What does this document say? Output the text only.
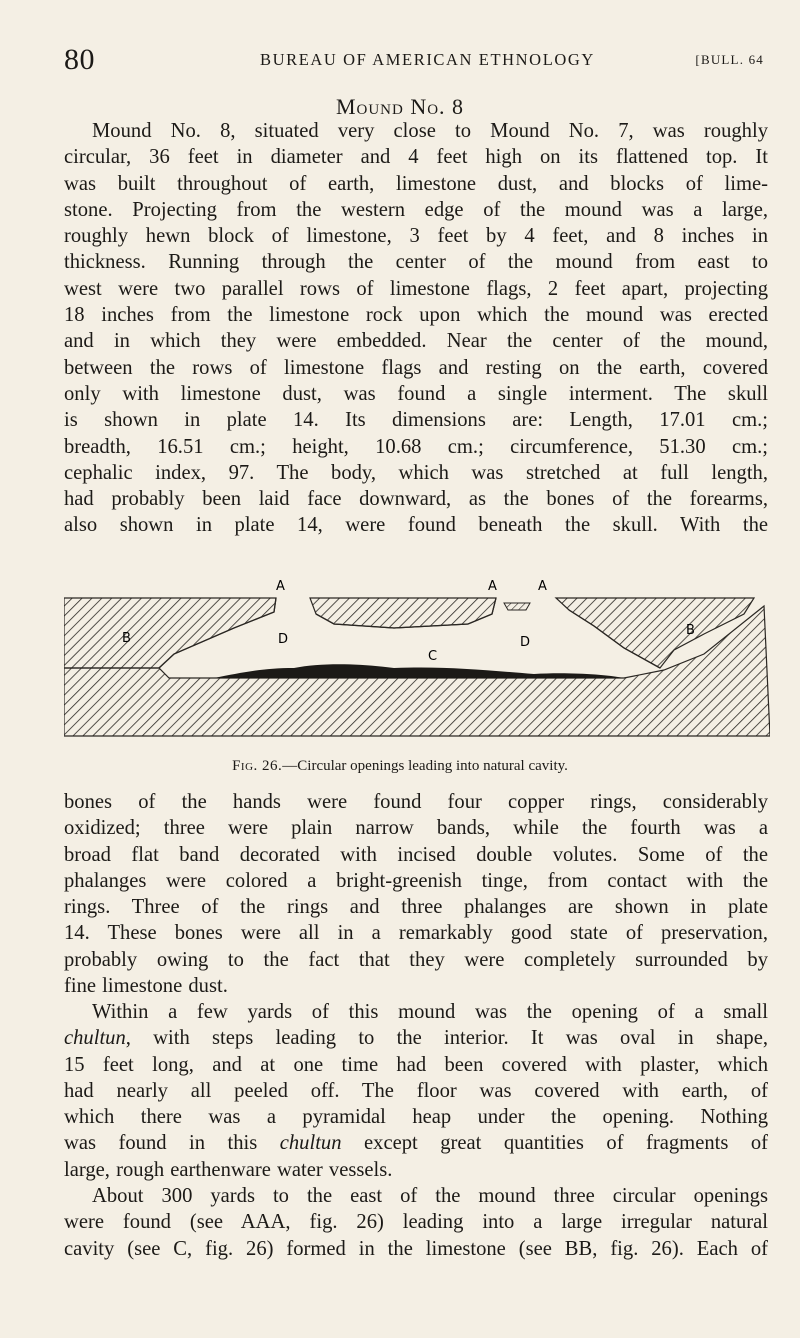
80	BUREAU OF AMERICAN ETHNOLOGY	[BULL. 64
Mound No. 8
Mound No. 8, situated very close to Mound No. 7, was roughly
circular, 36 feet in diameter and 4 feet high on its flattened top. It
was built throughout of earth, limestone dust, and blocks of lime-
stone. Projecting from the western edge of the mound was a large,
roughly hewn block of limestone, 3 feet by 4 feet, and 8 inches in
thickness. Running through the center of the mound from east to
west were two parallel rows of limestone flags, 2 feet apart, projecting
18 inches from the limestone rock upon which the mound was erected
and in which they were embedded. Near the center of the mound,
between the rows of limestone flags and resting on the earth, covered
only with limestone dust, was found a single interment. The skull
is shown in plate 14. Its dimensions are: Length, 17.01 cm.;
breadth, 16.51 cm.; height, 10.68 cm.; circumference, 51.30 cm.;
cephalic index, 97. The body, which was stretched at full length,
had probably been laid face downward, as the bones of the forearms,
also shown in plate 14, were found beneath the skull. With the
A	A	A
B
B
D	D
C
Fig. 26.—Circular openings leading into natural cavity.
bones of the hands were found four copper rings, considerably
oxidized; three were plain narrow bands, while the fourth was a
broad flat band decorated with incised double volutes. Some of the
phalanges were colored a bright-greenish tinge, from contact with the
rings. Three of the rings and three phalanges are shown in plate
14. These bones were all in a remarkably good state of preservation,
probably owing to the fact that they were completely surrounded by
fine limestone dust.
Within a few yards of this mound was the opening of a small
chultun, with steps leading to the interior. It was oval in shape,
15 feet long, and at one time had been covered with plaster, which
had nearly all peeled off. The floor was covered with earth, of
which there was a pyramidal heap under the opening. Nothing
was found in this chultun except great quantities of fragments of
large, rough earthenware water vessels.
About 300 yards to the east of the mound three circular openings
were found (see AAA, fig. 26) leading into a large irregular natural
cavity (see C, fig. 26) formed in the limestone (see BB, fig. 26). Each of
